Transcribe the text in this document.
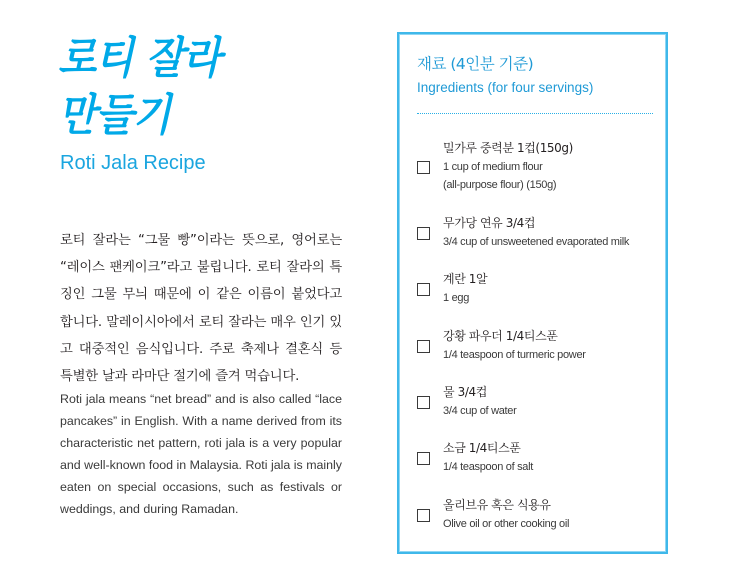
로티 잘라
만들기
Roti Jala Recipe

로티 잘라는 “그물 빵”이라는 뜻으로, 영어로는 “레이스 팬케이크”라고 불립니다. 로티 잘라의 특징인 그물 무늬 때문에 이 같은 이름이 붙었다고 합니다. 말레이시아에서 로티 잘라는 매우 인기 있고 대중적인 음식입니다. 주로 축제나 결혼식 등 특별한 날과 라마단 절기에 즐겨 먹습니다.

Roti jala means “net bread” and is also called “lace pancakes” in English. With a name derived from its characteristic net pattern, roti jala is a very popular and well-known food in Malaysia. Roti jala is mainly eaten on special occasions, such as festivals or weddings, and during Ramadan.

재료 (4인분 기준)
Ingredients (for four servings)
밀가루 중력분 1컵(150g)
1 cup of medium flour
(all-purpose flour) (150g)
무가당 연유 3/4컵
3/4 cup of unsweetened evaporated milk
계란 1알
1 egg
강황 파우더 1/4티스푼
1/4 teaspoon of turmeric power
물 3/4컵
3/4 cup of water
소금 1/4티스푼
1/4 teaspoon of salt
올리브유 혹은 식용유
Olive oil or other cooking oil
